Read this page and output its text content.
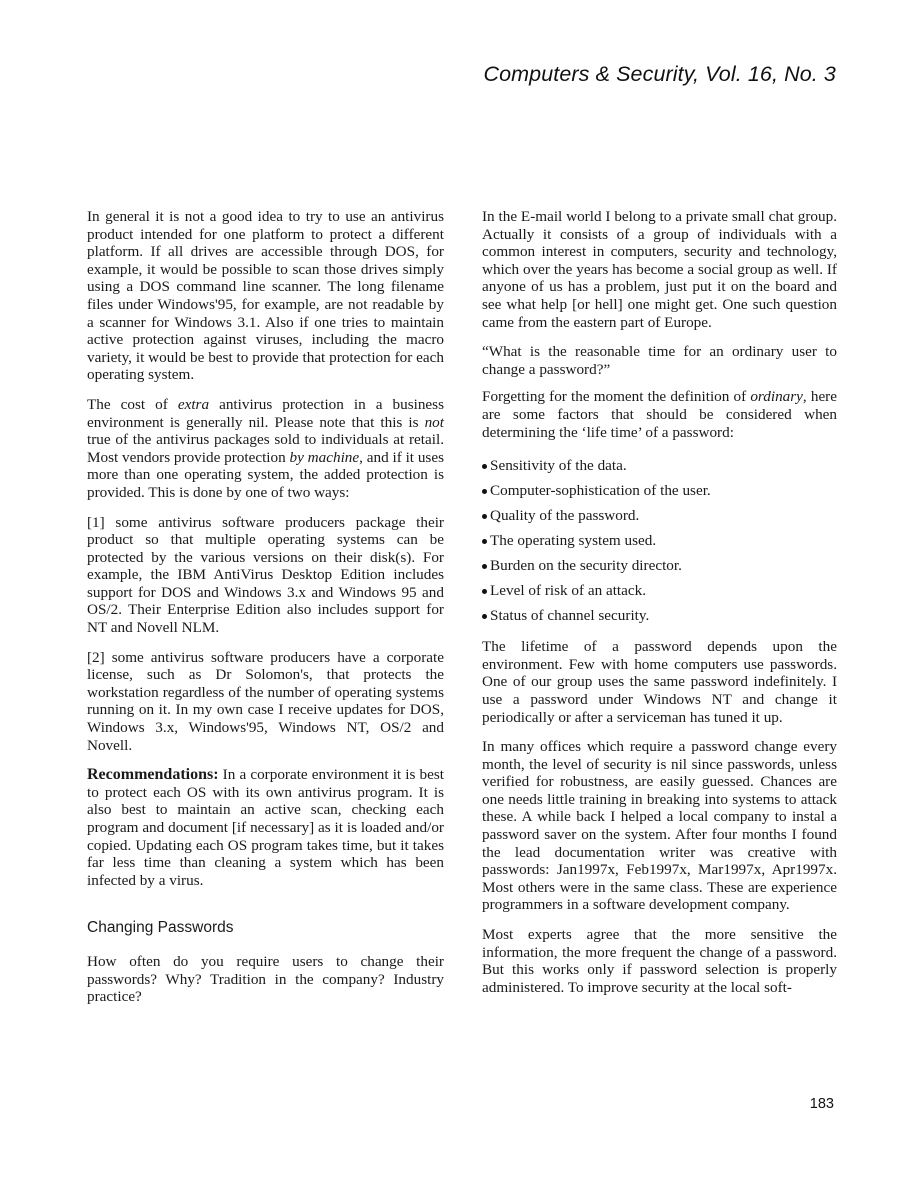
Computers & Security, Vol. 16, No. 3

In general it is not a good idea to try to use an antivirus product intended for one platform to protect a different platform. If all drives are accessible through DOS, for example, it would be possible to scan those drives simply using a DOS command line scanner. The long filename files under Windows'95, for example, are not readable by a scanner for Windows 3.1. Also if one tries to maintain active protection against viruses, including the macro variety, it would be best to provide that protection for each operating system.

The cost of extra antivirus protection in a business environment is generally nil. Please note that this is not true of the antivirus packages sold to individuals at retail. Most vendors provide protection by machine, and if it uses more than one operating system, the added protection is provided. This is done by one of two ways:

[1] some antivirus software producers package their product so that multiple operating systems can be protected by the various versions on their disk(s). For example, the IBM AntiVirus Desktop Edition includes support for DOS and Windows 3.x and Windows 95 and OS/2. Their Enterprise Edition also includes support for NT and Novell NLM.

[2] some antivirus software producers have a corporate license, such as Dr Solomon's, that protects the workstation regardless of the number of operating systems running on it. In my own case I receive updates for DOS, Windows 3.x, Windows'95, Windows NT, OS/2 and Novell.

Recommendations: In a corporate environment it is best to protect each OS with its own antivirus program. It is also best to maintain an active scan, checking each program and document [if necessary] as it is loaded and/or copied. Updating each OS program takes time, but it takes far less time than cleaning a system which has been infected by a virus.

Changing Passwords

How often do you require users to change their passwords? Why? Tradition in the company? Industry practice?

In the E-mail world I belong to a private small chat group. Actually it consists of a group of individuals with a common interest in computers, security and technology, which over the years has become a social group as well. If anyone of us has a problem, just put it on the board and see what help [or hell] one might get. One such question came from the eastern part of Europe.

“What is the reasonable time for an ordinary user to change a password?”

Forgetting for the moment the definition of ordinary, here are some factors that should be considered when determining the ‘life time’ of a password:

Sensitivity of the data.
Computer-sophistication of the user.
Quality of the password.
The operating system used.
Burden on the security director.
Level of risk of an attack.
Status of channel security.

The lifetime of a password depends upon the environment. Few with home computers use passwords. One of our group uses the same password indefinitely. I use a password under Windows NT and change it periodically or after a serviceman has tuned it up.

In many offices which require a password change every month, the level of security is nil since passwords, unless verified for robustness, are easily guessed. Chances are one needs little training in breaking into systems to attack these. A while back I helped a local company to instal a password saver on the system. After four months I found the lead documentation writer was creative with passwords: Jan1997x, Feb1997x, Mar1997x, Apr1997x. Most others were in the same class. These are experience programmers in a software development company.

Most experts agree that the more sensitive the information, the more frequent the change of a password. But this works only if password selection is properly administered. To improve security at the local soft-

183
